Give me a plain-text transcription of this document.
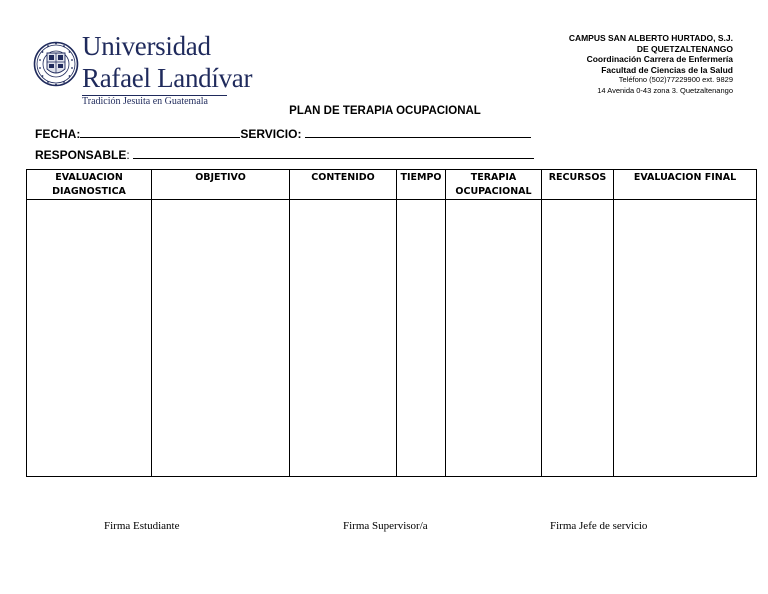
Universidad
Rafael Landívar
Tradición Jesuita en Guatemala
CAMPUS SAN ALBERTO HURTADO, S.J.
DE QUETZALTENANGO
Coordinación Carrera de Enfermería
Facultad de Ciencias de la Salud
Teléfono (502)77229900 ext. 9829
14 Avenida 0-43 zona 3. Quetzaltenango
PLAN DE TERAPIA OCUPACIONAL
FECHA:	SERVICIO:
RESPONSABLE:
EVALUACION DIAGNOSTICA	OBJETIVO	CONTENIDO	TIEMPO	TERAPIA OCUPACIONAL	RECURSOS	EVALUACION FINAL

Firma Estudiante	Firma Supervisor/a	Firma Jefe de servicio
